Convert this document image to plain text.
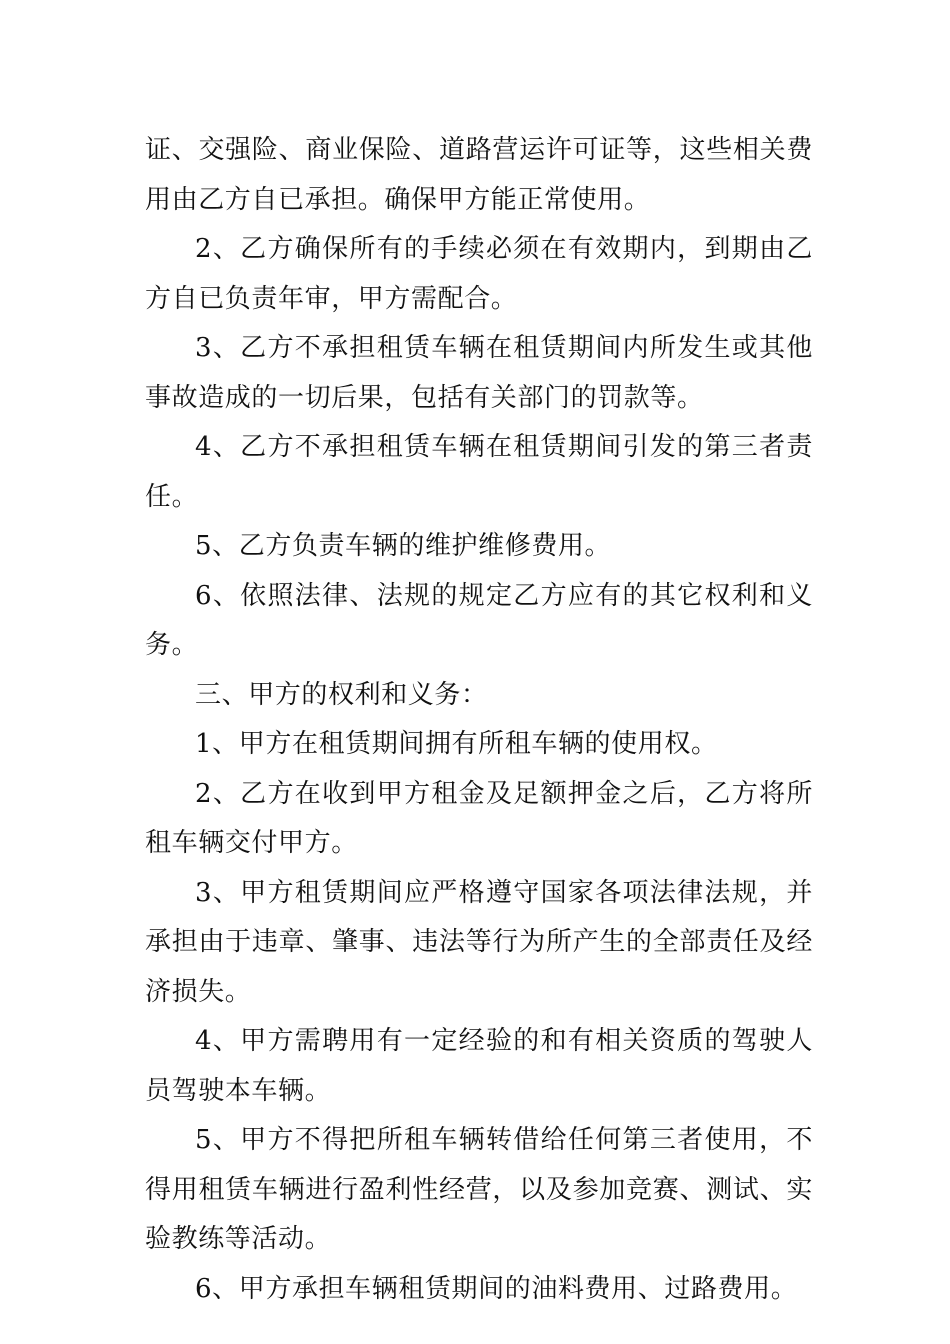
证、交强险、商业保险、道路营运许可证等，这些相关费用由乙方自已承担。确保甲方能正常使用。

2、乙方确保所有的手续必须在有效期内，到期由乙方自已负责年审，甲方需配合。

3、乙方不承担租赁车辆在租赁期间内所发生或其他事故造成的一切后果，包括有关部门的罚款等。

4、乙方不承担租赁车辆在租赁期间引发的第三者责任。

5、乙方负责车辆的维护维修费用。

6、依照法律、法规的规定乙方应有的其它权利和义务。

三、甲方的权利和义务：

1、甲方在租赁期间拥有所租车辆的使用权。

2、乙方在收到甲方租金及足额押金之后，乙方将所租车辆交付甲方。

3、甲方租赁期间应严格遵守国家各项法律法规，并承担由于违章、肇事、违法等行为所产生的全部责任及经济损失。

4、甲方需聘用有一定经验的和有相关资质的驾驶人员驾驶本车辆。

5、甲方不得把所租车辆转借给任何第三者使用，不得用租赁车辆进行盈利性经营，以及参加竞赛、测试、实验教练等活动。

6、甲方承担车辆租赁期间的油料费用、过路费用。
